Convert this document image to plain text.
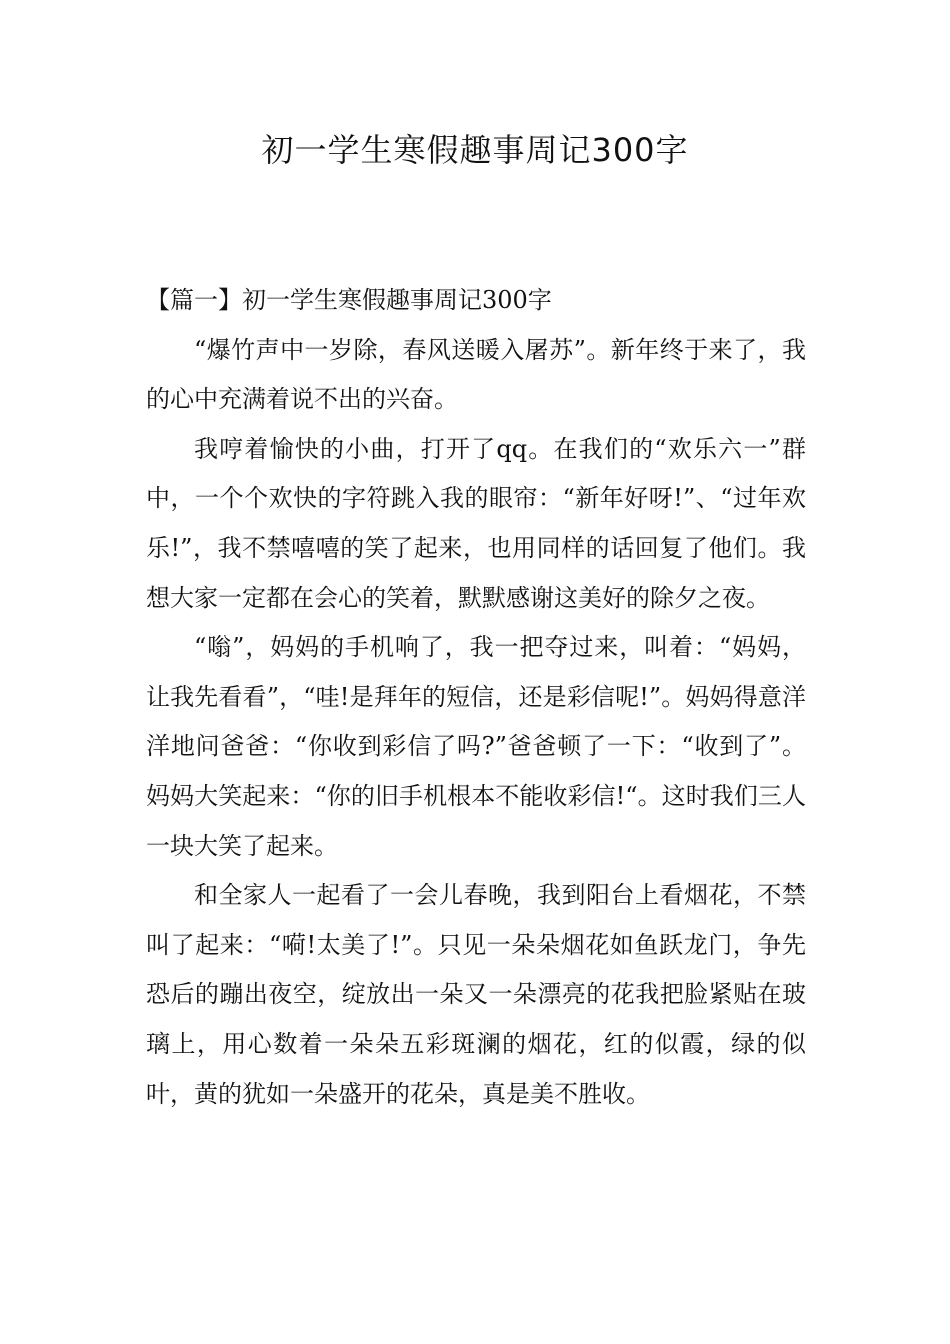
初一学生寒假趣事周记300字

【篇一】初一学生寒假趣事周记300字

“爆竹声中一岁除，春风送暖入屠苏”。新年终于来了，我的心中充满着说不出的兴奋。

我哼着愉快的小曲，打开了qq。在我们的“欢乐六一”群中，一个个欢快的字符跳入我的眼帘：“新年好呀!”、“过年欢乐!”，我不禁嘻嘻的笑了起来，也用同样的话回复了他们。我想大家一定都在会心的笑着，默默感谢这美好的除夕之夜。

“嗡”，妈妈的手机响了，我一把夺过来，叫着：“妈妈，让我先看看”，“哇!是拜年的短信，还是彩信呢!”。妈妈得意洋洋地问爸爸：“你收到彩信了吗?”爸爸顿了一下：“收到了”。妈妈大笑起来：“你的旧手机根本不能收彩信!“。这时我们三人一块大笑了起来。

和全家人一起看了一会儿春晚，我到阳台上看烟花，不禁叫了起来：“嗬!太美了!”。只见一朵朵烟花如鱼跃龙门，争先恐后的蹦出夜空，绽放出一朵又一朵漂亮的花我把脸紧贴在玻璃上，用心数着一朵朵五彩斑澜的烟花，红的似霞，绿的似叶，黄的犹如一朵盛开的花朵，真是美不胜收。
